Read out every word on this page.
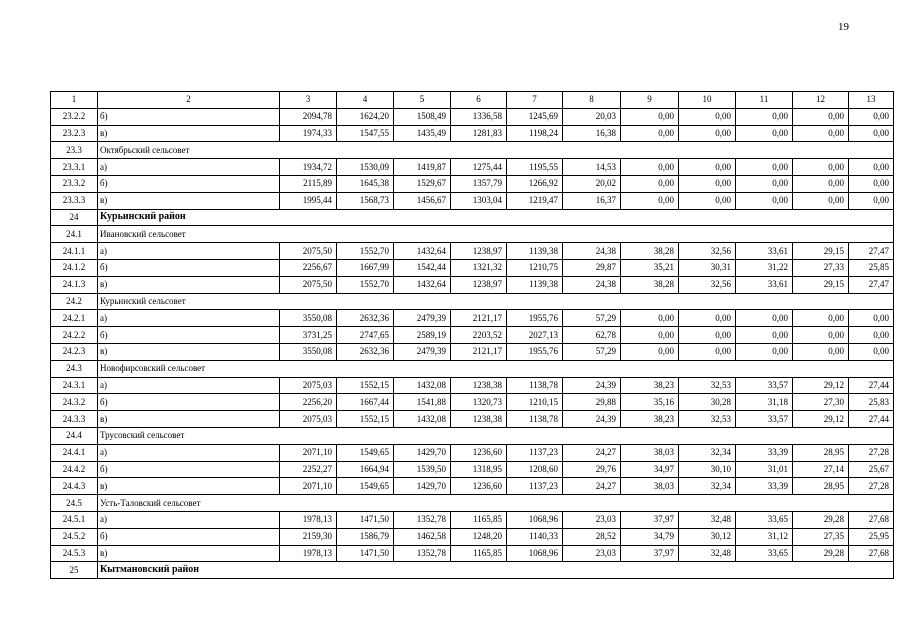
19
1	2	3	4	5	6	7	8	9	10	11	12	13
23.2.2	б)	2094,78	1624,20	1508,49	1336,58	1245,69	20,03	0,00	0,00	0,00	0,00	0,00
23.2.3	в)	1974,33	1547,55	1435,49	1281,83	1198,24	16,38	0,00	0,00	0,00	0,00	0,00
23.3	Октябрьский сельсовет											
23.3.1	а)	1934,72	1530,09	1419,87	1275,44	1195,55	14,53	0,00	0,00	0,00	0,00	0,00
23.3.2	б)	2115,89	1645,38	1529,67	1357,79	1266,92	20,02	0,00	0,00	0,00	0,00	0,00
23.3.3	в)	1995,44	1568,73	1456,67	1303,04	1219,47	16,37	0,00	0,00	0,00	0,00	0,00
24	Курьинский район											
24.1	Ивановский сельсовет											
24.1.1	а)	2075,50	1552,70	1432,64	1238,97	1139,38	24,38	38,28	32,56	33,61	29,15	27,47
24.1.2	б)	2256,67	1667,99	1542,44	1321,32	1210,75	29,87	35,21	30,31	31,22	27,33	25,85
24.1.3	в)	2075,50	1552,70	1432,64	1238,97	1139,38	24,38	38,28	32,56	33,61	29,15	27,47
24.2	Курьинский сельсовет											
24.2.1	а)	3550,08	2632,36	2479,39	2121,17	1955,76	57,29	0,00	0,00	0,00	0,00	0,00
24.2.2	б)	3731,25	2747,65	2589,19	2203,52	2027,13	62,78	0,00	0,00	0,00	0,00	0,00
24.2.3	в)	3550,08	2632,36	2479,39	2121,17	1955,76	57,29	0,00	0,00	0,00	0,00	0,00
24.3	Новофирсовский сельсовет											
24.3.1	а)	2075,03	1552,15	1432,08	1238,38	1138,78	24,39	38,23	32,53	33,57	29,12	27,44
24.3.2	б)	2256,20	1667,44	1541,88	1320,73	1210,15	29,88	35,16	30,28	31,18	27,30	25,83
24.3.3	в)	2075,03	1552,15	1432,08	1238,38	1138,78	24,39	38,23	32,53	33,57	29,12	27,44
24.4	Трусовский сельсовет											
24.4.1	а)	2071,10	1549,65	1429,70	1236,60	1137,23	24,27	38,03	32,34	33,39	28,95	27,28
24.4.2	б)	2252,27	1664,94	1539,50	1318,95	1208,60	29,76	34,97	30,10	31,01	27,14	25,67
24.4.3	в)	2071,10	1549,65	1429,70	1236,60	1137,23	24,27	38,03	32,34	33,39	28,95	27,28
24.5	Усть-Таловский сельсовет											
24.5.1	а)	1978,13	1471,50	1352,78	1165,85	1068,96	23,03	37,97	32,48	33,65	29,28	27,68
24.5.2	б)	2159,30	1586,79	1462,58	1248,20	1140,33	28,52	34,79	30,12	31,12	27,35	25,95
24.5.3	в)	1978,13	1471,50	1352,78	1165,85	1068,96	23,03	37,97	32,48	33,65	29,28	27,68
25	Кытмановский район											
